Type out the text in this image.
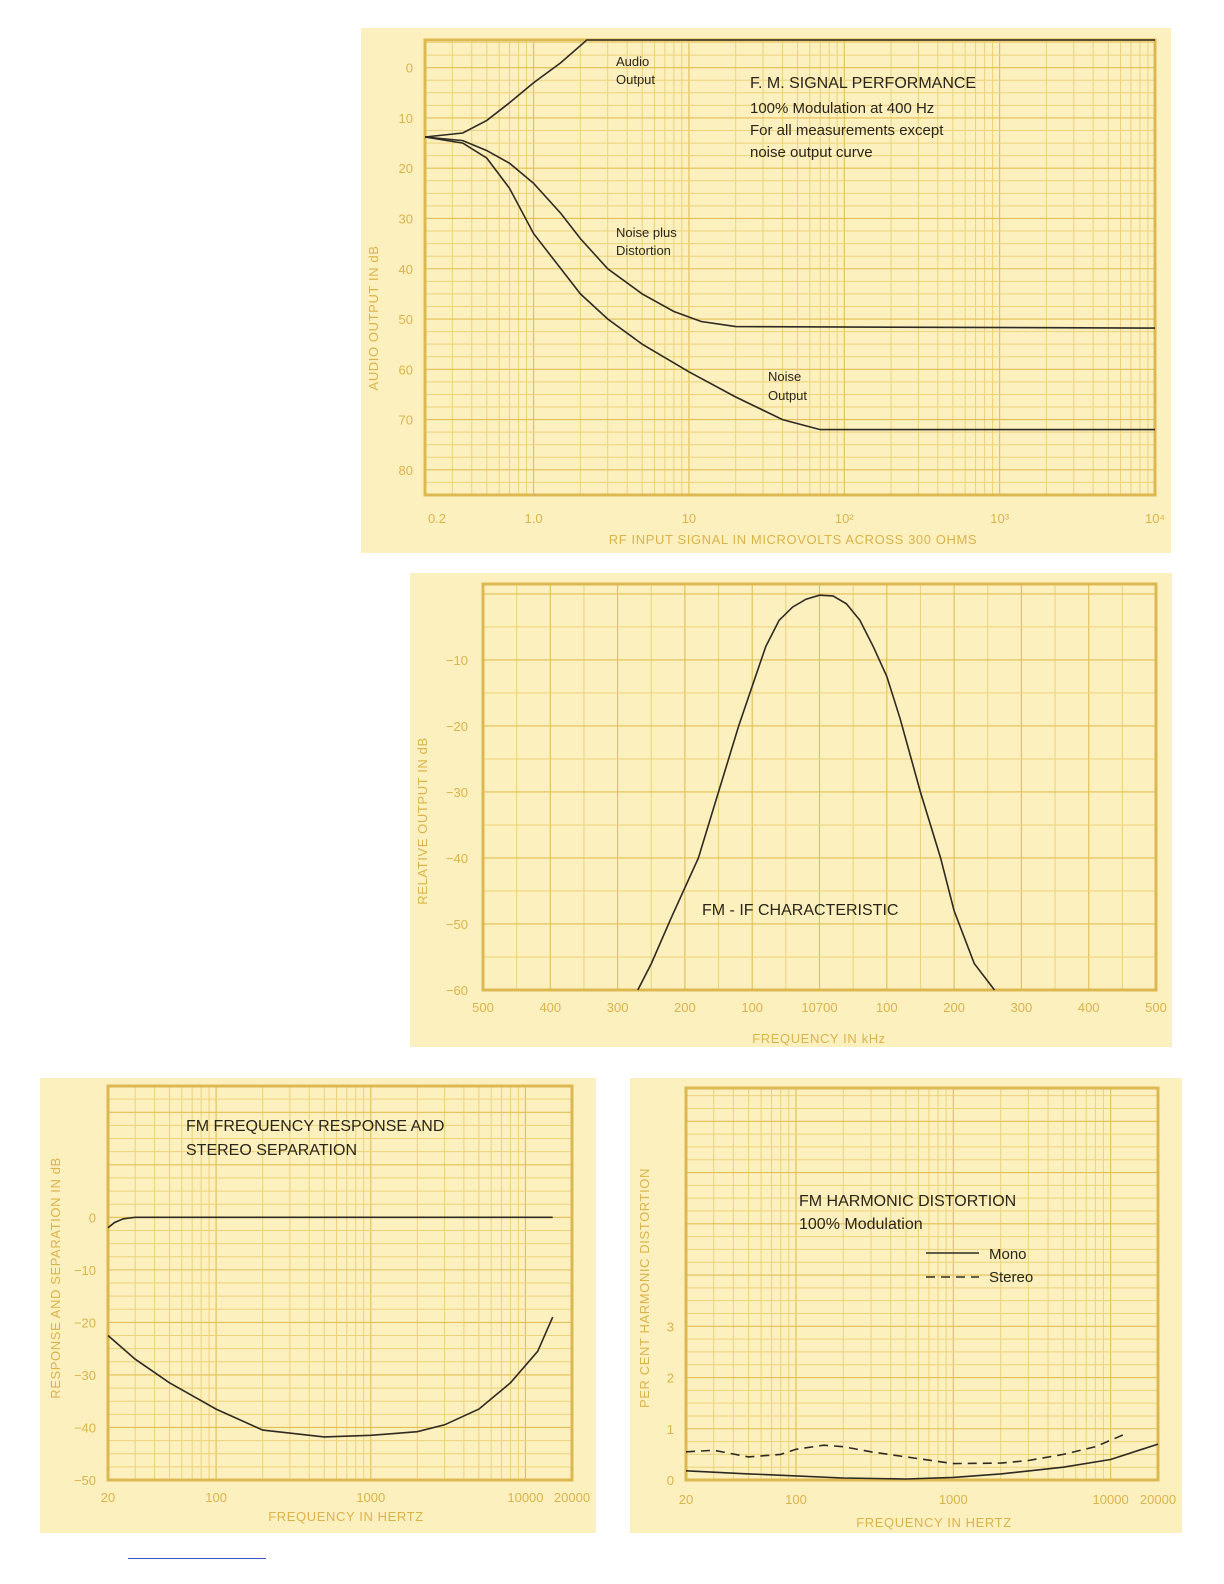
0
10
20
30
40
50
60
70
80
0.2	1.0	10	10²	10³	10⁴
AUDIO OUTPUT IN dB
RF INPUT SIGNAL IN MICROVOLTS ACROSS 300 OHMS
F. M. SIGNAL PERFORMANCE
100% Modulation at 400 Hz
For all measurements except
noise output curve
Audio
Output
Noise plus
Distortion
Noise
Output
−10
−20
−30
−40
−50
−60
500	400	300	200	100	10700	100	200	300	400	500
RELATIVE OUTPUT IN dB
FREQUENCY IN kHz
FM - IF CHARACTERISTIC
0
−10
−20
−30
−40
−50
20	100	1000	10000 20000
RESPONSE AND SEPARATION IN dB
FREQUENCY IN HERTZ
FM FREQUENCY RESPONSE AND
STEREO SEPARATION
0
1
2
3
20	100	1000	10000 20000
PER CENT HARMONIC DISTORTION
FREQUENCY IN HERTZ
FM HARMONIC DISTORTION
100% Modulation
Mono
Stereo
